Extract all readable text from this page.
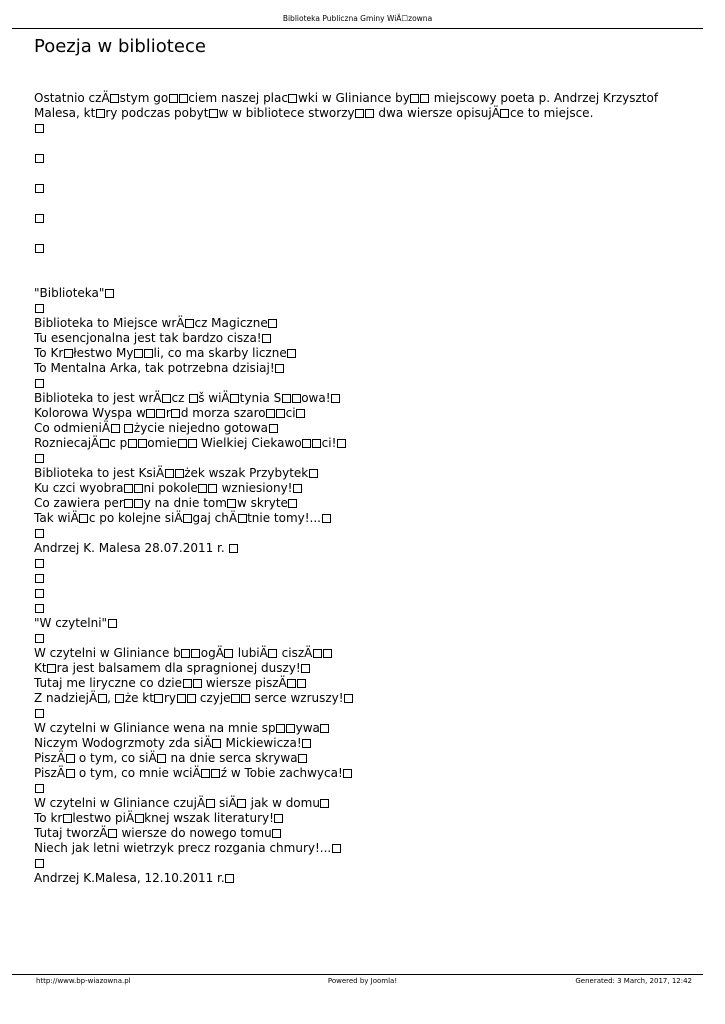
Biblioteka Publiczna Gminy WiÄ☐zowna
Poezja w bibliotece
Ostatnio czÄ stym go ciem naszej plac wki w Gliniance by miejscowy poeta p. Andrzej Krzysztof
Malesa, kt ry podczas pobyt w w bibliotece stworzy dwa wiersze opisujÄ ce to miejsce.
"Biblioteka"
Biblioteka to Miejsce wrÄ cz Magiczne
Tu esencjonalna jest tak bardzo cisza!
To Kr łestwo My li, co ma skarby liczne
To Mentalna Arka, tak potrzebna dzisiaj!
Biblioteka to jest wrÄ cz š wiÄ tynia S owa!
Kolorowa Wyspa w r d morza szaro ci
Co odmieniÄ życie niejedno gotowa
RozniecajÄ c p omie Wielkiej Ciekawo ci!
Biblioteka to jest KsiÄ żek wszak Przybytek
Ku czci wyobra ni pokole wzniesiony!
Co zawiera per y na dnie tom w skryte
Tak wiÄ c po kolejne siÄ gaj chÄ tnie tomy!...
Andrzej K. Malesa 28.07.2011 r.
"W czytelni"
W czytelni w Gliniance b ogÄ lubiÄ ciszÄ
Kt ra jest balsamem dla spragnionej duszy!
Tutaj me liryczne co dzie wiersze piszÄ
Z nadziejÄ , że kt ry czyje serce wzruszy!
W czytelni w Gliniance wena na mnie sp ywa
Niczym Wodogrzmoty zda siÄ Mickiewicza!
PiszÄ o tym, co siÄ na dnie serca skrywa
PiszÄ o tym, co mnie wciÄ ź w Tobie zachwyca!
W czytelni w Gliniance czujÄ siÄ jak w domu
To kr lestwo piÄ knej wszak literatury!
Tutaj tworzÄ wiersze do nowego tomu
Niech jak letni wietrzyk precz rozgania chmury!...
Andrzej K.Malesa, 12.10.2011 r.
http://www.bp-wiazowna.pl	Powered by Joomla!	Generated: 3 March, 2017, 12:42
